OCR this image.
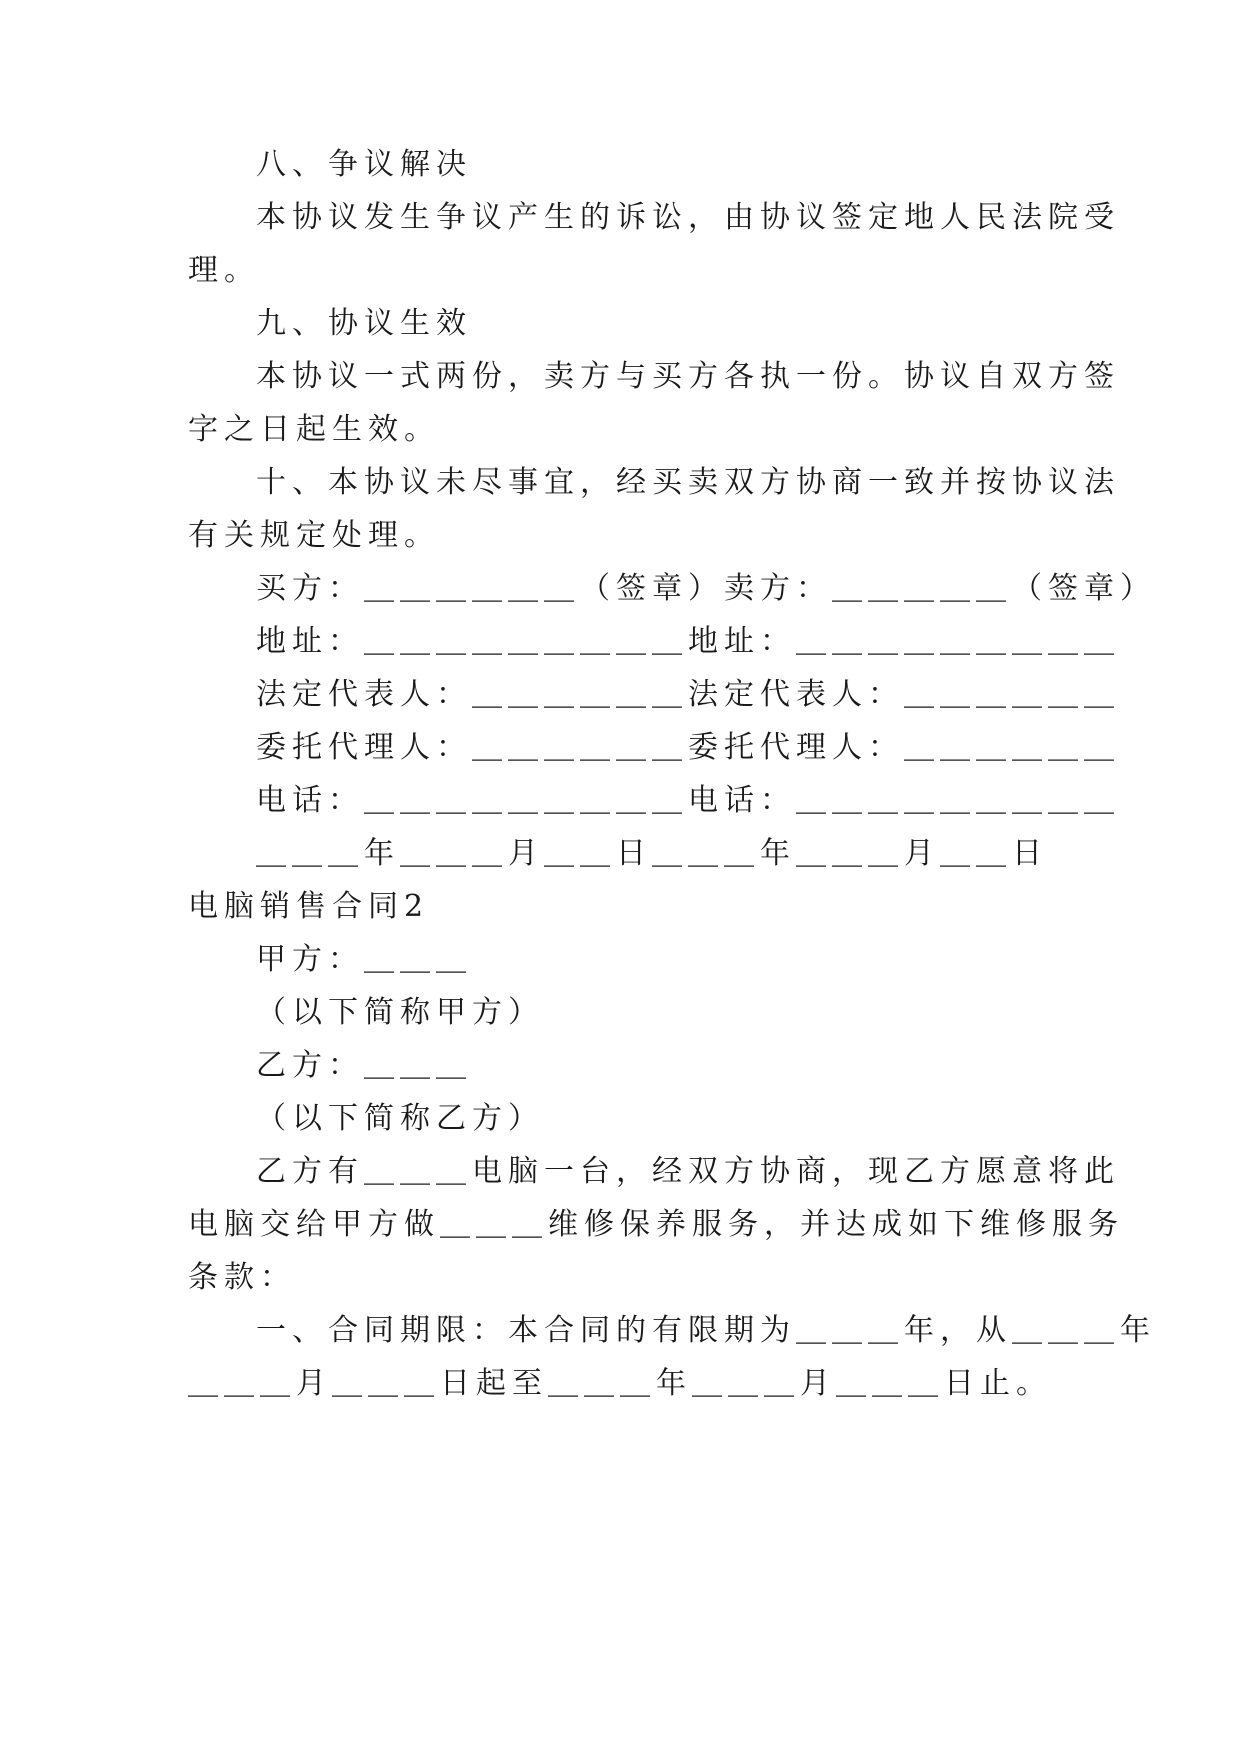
八、争议解决
本协议发生争议产生的诉讼，由协议签定地人民法院受
理。
九、协议生效
本协议一式两份，卖方与买方各执一份。协议自双方签
字之日起生效。
十、本协议未尽事宜，经买卖双方协商一致并按协议法
有关规定处理。
买方：＿＿＿＿＿＿（签章）卖方：＿＿＿＿＿（签章）
地址：＿＿＿＿＿＿＿＿＿地址：＿＿＿＿＿＿＿＿＿
法定代表人：＿＿＿＿＿＿法定代表人：＿＿＿＿＿＿
委托代理人：＿＿＿＿＿＿委托代理人：＿＿＿＿＿＿
电话：＿＿＿＿＿＿＿＿＿电话：＿＿＿＿＿＿＿＿＿
＿＿＿年＿＿＿月＿＿日＿＿＿年＿＿＿月＿＿日
电脑销售合同2
甲方：＿＿＿
（以下简称甲方）
乙方：＿＿＿
（以下简称乙方）
乙方有＿＿＿电脑一台，经双方协商，现乙方愿意将此
电脑交给甲方做＿＿＿维修保养服务，并达成如下维修服务
条款：
一、合同期限：本合同的有限期为＿＿＿年，从＿＿＿年
＿＿＿月＿＿＿日起至＿＿＿年＿＿＿月＿＿＿日止。
